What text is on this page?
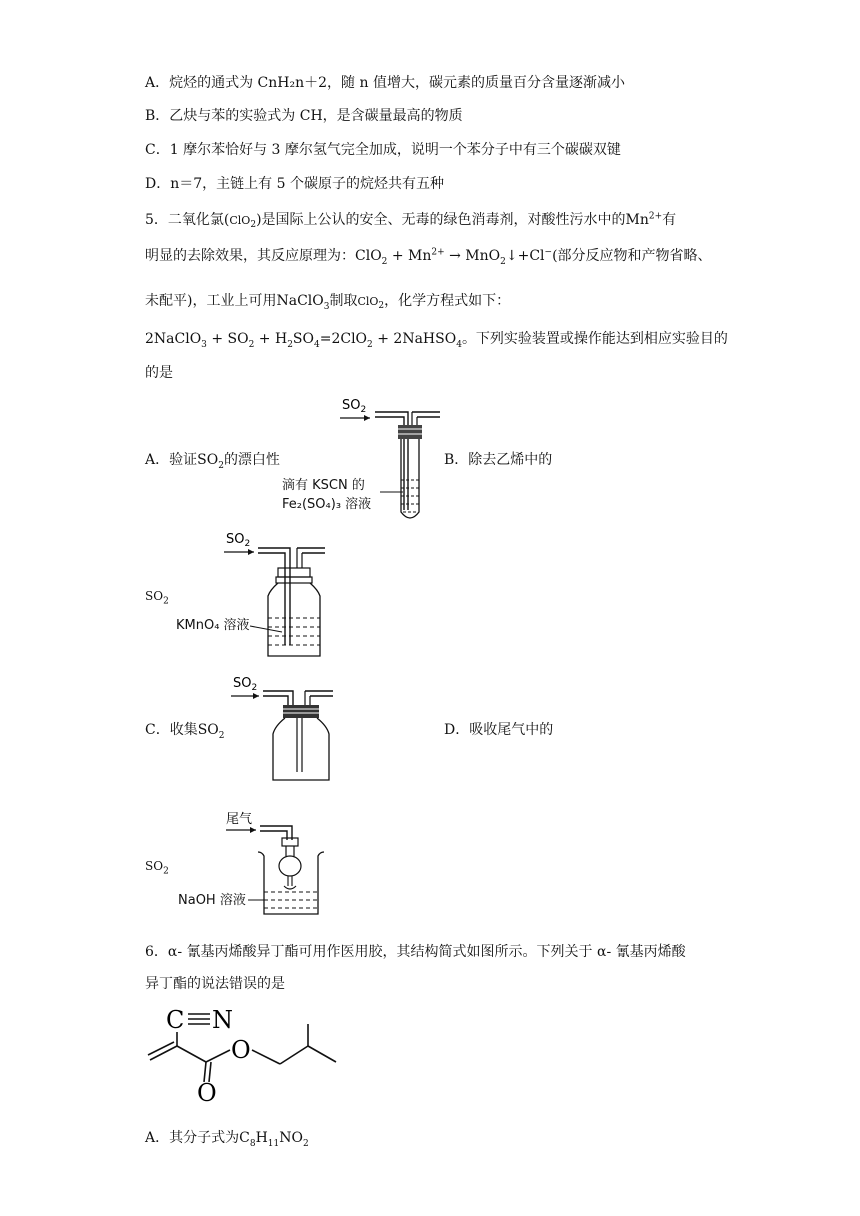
A．烷烃的通式为 CnH₂n＋2，随 n 值增大，碳元素的质量百分含量逐渐减小
B．乙炔与苯的实验式为 CH，是含碳量最高的物质
C．1 摩尔苯恰好与 3 摩尔氢气完全加成，说明一个苯分子中有三个碳碳双键
D．n＝7，主链上有 5 个碳原子的烷烃共有五种
5．二氧化氯(ClO$_2$)是国际上公认的安全、无毒的绿色消毒剂，对酸性污水中的$Mn^{2+}$有
明显的去除效果，其反应原理为：$ClO_2 + Mn^{2+}$ → MnO$_2$↓+Cl−(部分反应物和产物省略、
未配平)，工业上可用NaClO$_3$制取ClO$_2$，化学方程式如下：
2NaClO$_3$ + $SO_2 + H_2SO_4=2ClO_2$ + 2NaHSO$_4$。下列实验装置或操作能达到相应实验目的
的是
A．验证$SO_2$的漂白性	B．除去乙烯中的
$SO_2$
$SO_2$
滴有 KSCN 的
Fe₂(SO₄)₃ 溶液
$SO_2$
KMnO₄ 溶液
$SO_2$
C．收集$SO_2$	D．吸收尾气中的
尾气
$SO_2$
NaOH 溶液
6．α- 氰基丙烯酸异丁酯可用作医用胶，其结构简式如图所示。下列关于 α- 氰基丙烯酸
异丁酯的说法错误的是
C N
O
O
A．其分子式为$C_8H_{11}NO_2$
